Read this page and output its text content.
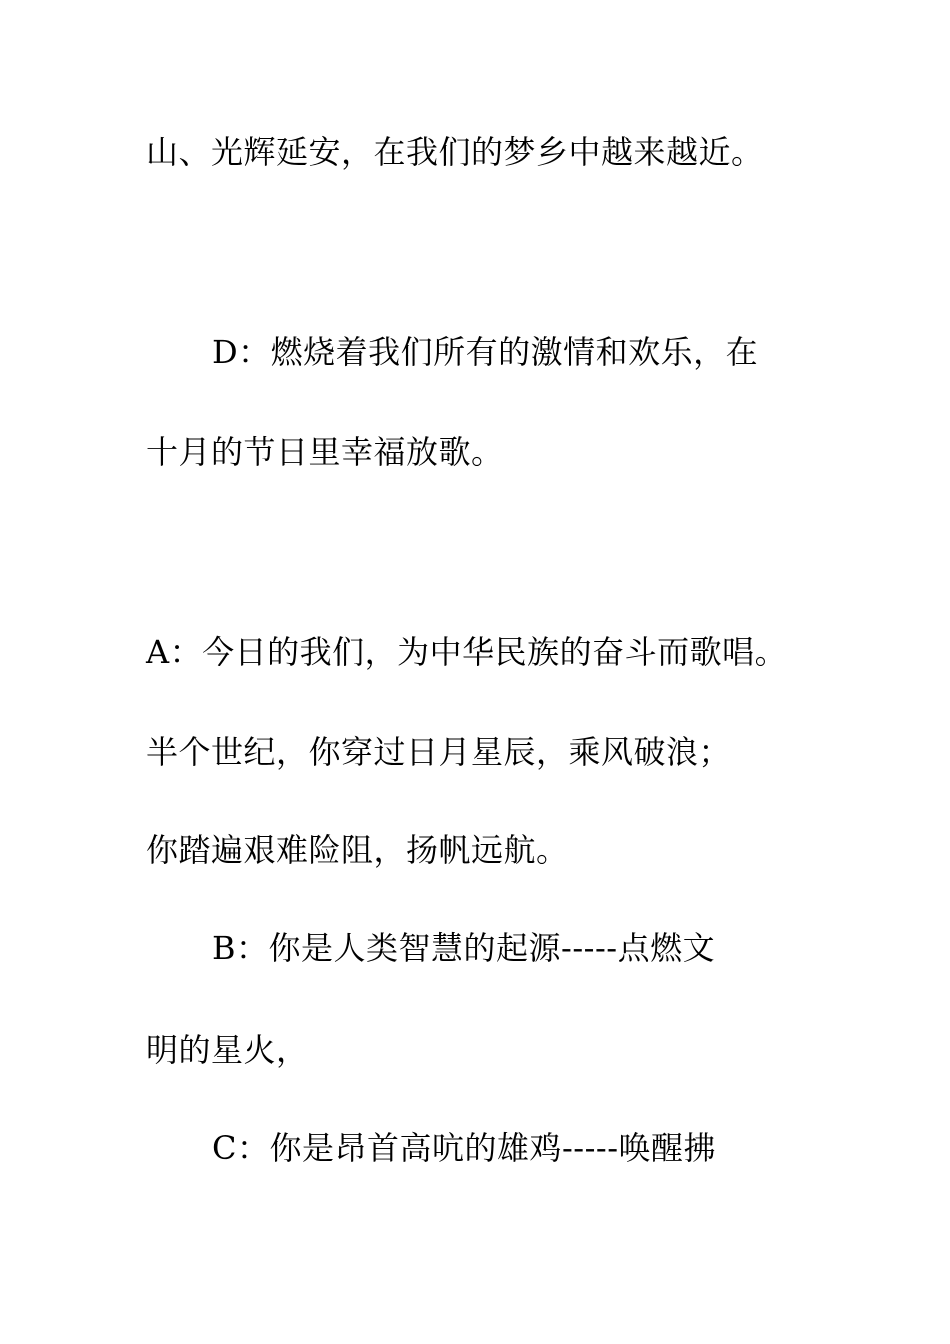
山、光辉延安，在我们的梦乡中越来越近。
D：燃烧着我们所有的激情和欢乐，在
十月的节日里幸福放歌。
A：今日的我们，为中华民族的奋斗而歌唱。
半个世纪，你穿过日月星辰，乘风破浪；
你踏遍艰难险阻，扬帆远航。
B：你是人类智慧的起源-----点燃文
明的星火，
C：你是昂首高吭的雄鸡-----唤醒拂
